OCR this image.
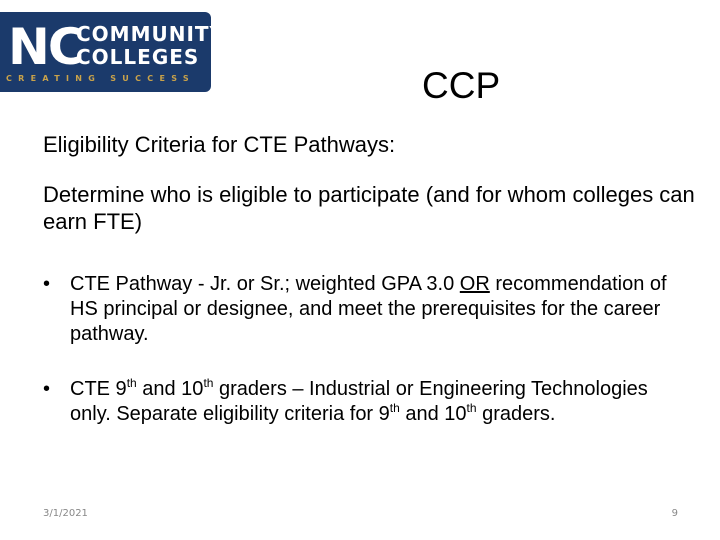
NC
COMMUNITY
COLLEGES
CREATING SUCCESS	CCP
Eligibility Criteria for CTE Pathways:
Determine who is eligible to participate (and for whom colleges can earn FTE)
• CTE Pathway - Jr. or Sr.; weighted GPA 3.0 OR recommendation of HS principal or designee, and meet the prerequisites for the career pathway.
• CTE 9th and 10th graders – Industrial or Engineering Technologies only. Separate eligibility criteria for 9th and 10th graders.
3/1/2021	9
